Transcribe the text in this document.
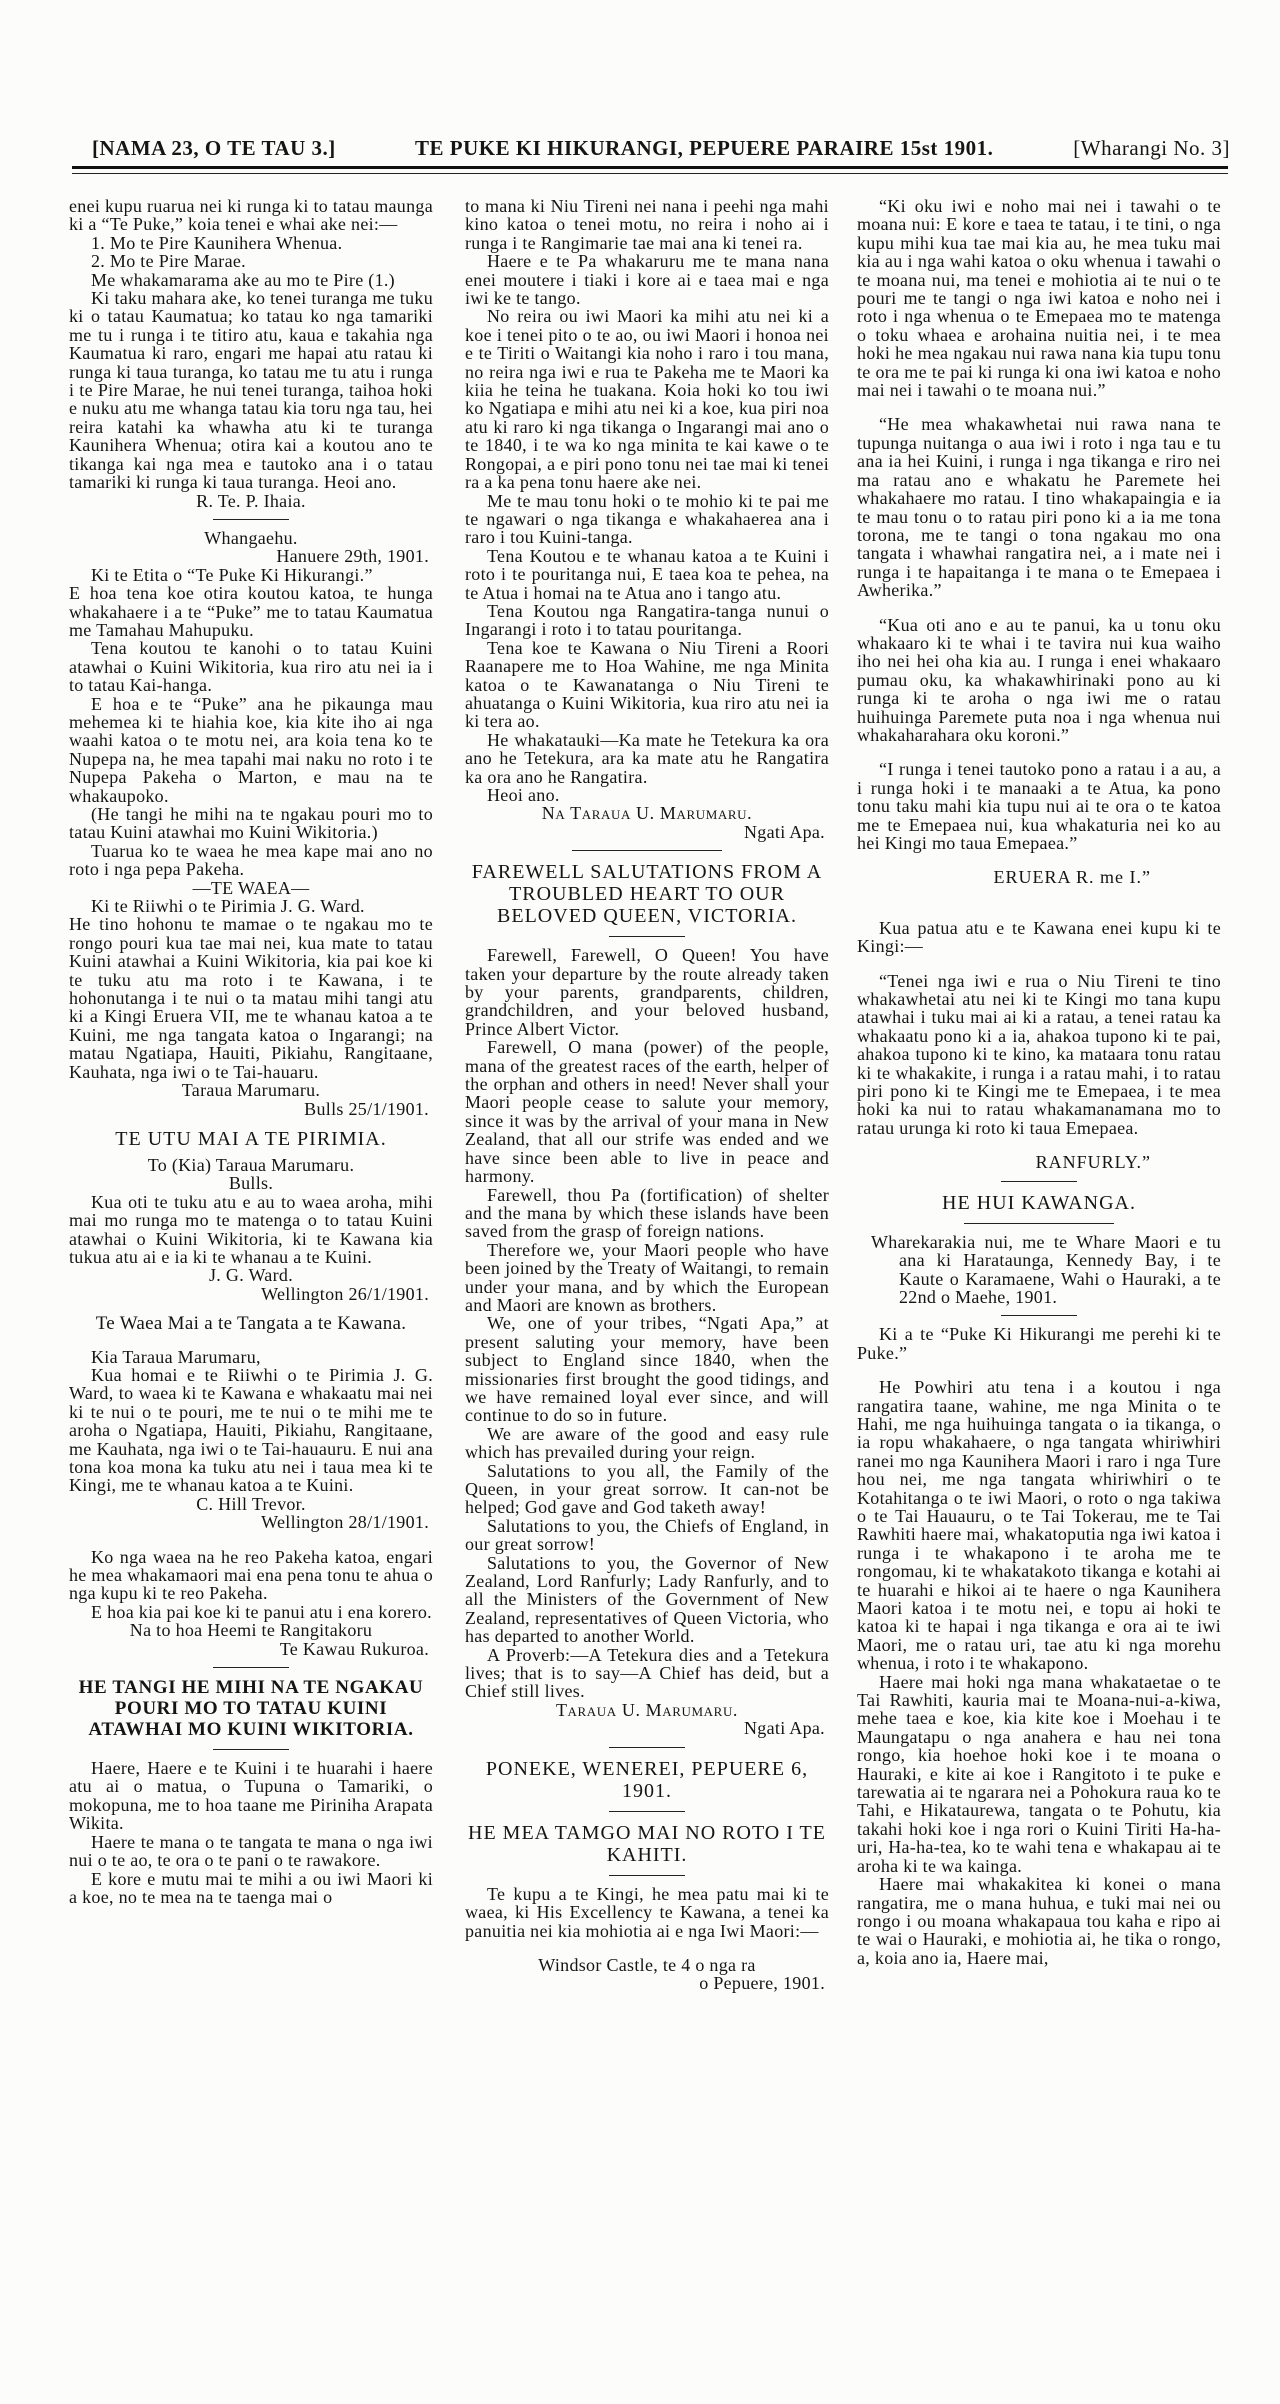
[NAMA 23, O TE TAU 3.]	TE PUKE KI HIKURANGI, PEPUERE PARAIRE 15st 1901.	[Wharangi No. 3]
enei kupu ruarua nei ki runga ki to tatau maunga ki a “Te Puke,” koia tenei e whai ake nei:—
1. Mo te Pire Kaunihera Whenua.
2. Mo te Pire Marae.
Me whakamarama ake au mo te Pire (1.)
Ki taku mahara ake, ko tenei turanga me tuku ki o tatau Kaumatua; ko tatau ko nga tamariki me tu i runga i te titiro atu, kaua e takahia nga Kaumatua ki raro, engari me hapai atu ratau ki runga ki taua turanga, ko tatau me tu atu i runga i te Pire Marae, he nui tenei turanga, taihoa hoki e nuku atu me whanga tatau kia toru nga tau, hei reira katahi ka whawha atu ki te turanga Kaunihera Whenua; otira kai a koutou ano te tikanga kai nga mea e tautoko ana i o tatau tamariki ki runga ki taua turanga. Heoi ano.
R. Te. P. Ihaia.
Whangaehu.
Hanuere 29th, 1901.
Ki te Etita o “Te Puke Ki Hikurangi.”
E hoa tena koe otira koutou katoa, te hunga whakahaere i a te “Puke” me to tatau Kaumatua me Tamahau Mahupuku.
Tena koutou te kanohi o to tatau Kuini atawhai o Kuini Wikitoria, kua riro atu nei ia i to tatau Kai-hanga.
E hoa e te “Puke” ana he pikaunga mau mehemea ki te hiahia koe, kia kite iho ai nga waahi katoa o te motu nei, ara koia tena ko te Nupepa na, he mea tapahi mai naku no roto i te Nupepa Pakeha o Marton, e mau na te whakaupoko.
(He tangi he mihi na te ngakau pouri mo to tatau Kuini atawhai mo Kuini Wikitoria.)
Tuarua ko te waea he mea kape mai ano no roto i nga pepa Pakeha.
—TE WAEA—
Ki te Riiwhi o te Pirimia J. G. Ward.
He tino hohonu te mamae o te ngakau mo te rongo pouri kua tae mai nei, kua mate to tatau Kuini atawhai a Kuini Wikitoria, kia pai koe ki te tuku atu ma roto i te Kawana, i te hohonutanga i te nui o ta matau mihi tangi atu ki a Kingi Eruera VII, me te whanau katoa a te Kuini, me nga tangata katoa o Ingarangi; na matau Ngatiapa, Hauiti, Pikiahu, Rangitaane, Kauhata, nga iwi o te Tai-hauaru.
Taraua Marumaru.
Bulls 25/1/1901.
TE UTU MAI A TE PIRIMIA.
To (Kia) Taraua Marumaru.
Bulls.
Kua oti te tuku atu e au to waea aroha, mihi mai mo runga mo te matenga o to tatau Kuini atawhai o Kuini Wikitoria, ki te Kawana kia tukua atu ai e ia ki te whanau a te Kuini.
J. G. Ward.
Wellington 26/1/1901.
Te Waea Mai a te Tangata a te Kawana.
Kia Taraua Marumaru,
Kua homai e te Riiwhi o te Pirimia J. G. Ward, to waea ki te Kawana e whakaatu mai nei ki te nui o te pouri, me te nui o te mihi me te aroha o Ngatiapa, Hauiti, Pikiahu, Rangitaane, me Kauhata, nga iwi o te Tai-hauauru. E nui ana tona koa mona ka tuku atu nei i taua mea ki te Kingi, me te whanau katoa a te Kuini.
C. Hill Trevor.
Wellington 28/1/1901.
Ko nga waea na he reo Pakeha katoa, engari he mea whakamaori mai ena pena tonu te ahua o nga kupu ki te reo Pakeha.
E hoa kia pai koe ki te panui atu i ena korero.
Na to hoa Heemi te Rangitakoru
Te Kawau Rukuroa.
HE TANGI HE MIHI NA TE NGAKAU POURI MO TO TATAU KUINI ATAWHAI MO KUINI WIKITORIA.
Haere, Haere e te Kuini i te huarahi i haere atu ai o matua, o Tupuna o Tamariki, o mokopuna, me to hoa taane me Piriniha Arapata Wikita.
Haere te mana o te tangata te mana o nga iwi nui o te ao, te ora o te pani o te rawakore.
E kore e mutu mai te mihi a ou iwi Maori ki a koe, no te mea na te taenga mai o
to mana ki Niu Tireni nei nana i peehi nga mahi kino katoa o tenei motu, no reira i noho ai i runga i te Rangimarie tae mai ana ki tenei ra.
Haere e te Pa whakaruru me te mana nana enei moutere i tiaki i kore ai e taea mai e nga iwi ke te tango.
No reira ou iwi Maori ka mihi atu nei ki a koe i tenei pito o te ao, ou iwi Maori i honoa nei e te Tiriti o Waitangi kia noho i raro i tou mana, no reira nga iwi e rua te Pakeha me te Maori ka kiia he teina he tuakana. Koia hoki ko tou iwi ko Ngatiapa e mihi atu nei ki a koe, kua piri noa atu ki raro ki nga tikanga o Ingarangi mai ano o te 1840, i te wa ko nga minita te kai kawe o te Rongopai, a e piri pono tonu nei tae mai ki tenei ra a ka pena tonu haere ake nei.
Me te mau tonu hoki o te mohio ki te pai me te ngawari o nga tikanga e whakahaerea ana i raro i tou Kuini-tanga.
Tena Koutou e te whanau katoa a te Kuini i roto i te pouritanga nui, E taea koa te pehea, na te Atua i homai na te Atua ano i tango atu.
Tena Koutou nga Rangatira-tanga nunui o Ingarangi i roto i to tatau pouritanga.
Tena koe te Kawana o Niu Tireni a Roori Raanapere me to Hoa Wahine, me nga Minita katoa o te Kawanatanga o Niu Tireni te ahuatanga o Kuini Wikitoria, kua riro atu nei ia ki tera ao.
He whakatauki—Ka mate he Tetekura ka ora ano he Tetekura, ara ka mate atu he Rangatira ka ora ano he Rangatira.
Heoi ano.
Na Taraua U. Marumaru.
Ngati Apa.
FAREWELL SALUTATIONS FROM A TROUBLED HEART TO OUR BELOVED QUEEN, VICTORIA.
Farewell, Farewell, O Queen! You have taken your departure by the route already taken by your parents, grandparents, children, grandchildren, and your beloved husband, Prince Albert Victor.
Farewell, O mana (power) of the people, mana of the greatest races of the earth, helper of the orphan and others in need! Never shall your Maori people cease to salute your memory, since it was by the arrival of your mana in New Zealand, that all our strife was ended and we have since been able to live in peace and harmony.
Farewell, thou Pa (fortification) of shelter and the mana by which these islands have been saved from the grasp of foreign nations.
Therefore we, your Maori people who have been joined by the Treaty of Waitangi, to remain under your mana, and by which the European and Maori are known as brothers.
We, one of your tribes, “Ngati Apa,” at present saluting your memory, have been subject to England since 1840, when the missionaries first brought the good tidings, and we have remained loyal ever since, and will continue to do so in future.
We are aware of the good and easy rule which has prevailed during your reign.
Salutations to you all, the Family of the Queen, in your great sorrow. It can-not be helped; God gave and God taketh away!
Salutations to you, the Chiefs of England, in our great sorrow!
Salutations to you, the Governor of New Zealand, Lord Ranfurly; Lady Ranfurly, and to all the Ministers of the Government of New Zealand, representatives of Queen Victoria, who has departed to another World.
A Proverb:—A Tetekura dies and a Tetekura lives; that is to say—A Chief has deid, but a Chief still lives.
Taraua U. Marumaru.
Ngati Apa.
PONEKE, WENEREI, PEPUERE 6, 1901.
HE MEA TAMGO MAI NO ROTO I TE KAHITI.
Te kupu a te Kingi, he mea patu mai ki te waea, ki His Excellency te Kawana, a tenei ka panuitia nei kia mohiotia ai e nga Iwi Maori:—
Windsor Castle, te 4 o nga ra
o Pepuere, 1901.
“Ki oku iwi e noho mai nei i tawahi o te moana nui: E kore e taea te tatau, i te tini, o nga kupu mihi kua tae mai kia au, he mea tuku mai kia au i nga wahi katoa o oku whenua i tawahi o te moana nui, ma tenei e mohiotia ai te nui o te pouri me te tangi o nga iwi katoa e noho nei i roto i nga whenua o te Emepaea mo te matenga o toku whaea e arohaina nuitia nei, i te mea hoki he mea ngakau nui rawa nana kia tupu tonu te ora me te pai ki runga ki ona iwi katoa e noho mai nei i tawahi o te moana nui.”
“He mea whakawhetai nui rawa nana te tupunga nuitanga o aua iwi i roto i nga tau e tu ana ia hei Kuini, i runga i nga tikanga e riro nei ma ratau ano e whakatu he Paremete hei whakahaere mo ratau. I tino whakapaingia e ia te mau tonu o to ratau piri pono ki a ia me tona torona, me te tangi o tona ngakau mo ona tangata i whawhai rangatira nei, a i mate nei i runga i te hapaitanga i te mana o te Emepaea i Awherika.”
“Kua oti ano e au te panui, ka u tonu oku whakaaro ki te whai i te tavira nui kua waiho iho nei hei oha kia au. I runga i enei whakaaro pumau oku, ka whakawhirinaki pono au ki runga ki te aroha o nga iwi me o ratau huihuinga Paremete puta noa i nga whenua nui whakaharahara oku koroni.”
“I runga i tenei tautoko pono a ratau i a au, a i runga hoki i te manaaki a te Atua, ka pono tonu taku mahi kia tupu nui ai te ora o te katoa me te Emepaea nui, kua whakaturia nei ko au hei Kingi mo taua Emepaea.”
ERUERA R. me I.”
Kua patua atu e te Kawana enei kupu ki te Kingi:—
“Tenei nga iwi e rua o Niu Tireni te tino whakawhetai atu nei ki te Kingi mo tana kupu atawhai i tuku mai ai ki a ratau, a tenei ratau ka whakaatu pono ki a ia, ahakoa tupono ki te pai, ahakoa tupono ki te kino, ka mataara tonu ratau ki te whakakite, i runga i a ratau mahi, i to ratau piri pono ki te Kingi me te Emepaea, i te mea hoki ka nui to ratau whakamanamana mo to ratau urunga ki roto ki taua Emepaea.
RANFURLY.”
HE HUI KAWANGA.
Wharekarakia nui, me te Whare Maori e tu ana ki Harataunga, Kennedy Bay, i te Kaute o Karamaene, Wahi o Hauraki, a te 22nd o Maehe, 1901.
Ki a te “Puke Ki Hikurangi me perehi ki te Puke.”
He Powhiri atu tena i a koutou i nga rangatira taane, wahine, me nga Minita o te Hahi, me nga huihuinga tangata o ia tikanga, o ia ropu whakahaere, o nga tangata whiriwhiri ranei mo nga Kaunihera Maori i raro i nga Ture hou nei, me nga tangata whiriwhiri o te Kotahitanga o te iwi Maori, o roto o nga takiwa o te Tai Hauauru, o te Tai Tokerau, me te Tai Rawhiti haere mai, whakatoputia nga iwi katoa i runga i te whakapono i te aroha me te rongomau, ki te whakatakoto tikanga e kotahi ai te huarahi e hikoi ai te haere o nga Kaunihera Maori katoa i te motu nei, e topu ai hoki te katoa ki te hapai i nga tikanga e ora ai te iwi Maori, me o ratau uri, tae atu ki nga morehu whenua, i roto i te whakapono.
Haere mai hoki nga mana whakataetae o te Tai Rawhiti, kauria mai te Moana-nui-a-kiwa, mehe taea e koe, kia kite koe i Moehau i te Maungatapu o nga anahera e hau nei tona rongo, kia hoehoe hoki koe i te moana o Hauraki, e kite ai koe i Rangitoto i te puke e tarewatia ai te ngarara nei a Pohokura raua ko te Tahi, e Hikataurewa, tangata o te Pohutu, kia takahi hoki koe i nga rori o Kuini Tiriti Ha-ha-uri, Ha-ha-tea, ko te wahi tena e whakapau ai te aroha ki te wa kainga.
Haere mai whakakitea ki konei o mana rangatira, me o mana huhua, e tuki mai nei ou rongo i ou moana whakapaua tou kaha e ripo ai te wai o Hauraki, e mohiotia ai, he tika o rongo, a, koia ano ia, Haere mai,
